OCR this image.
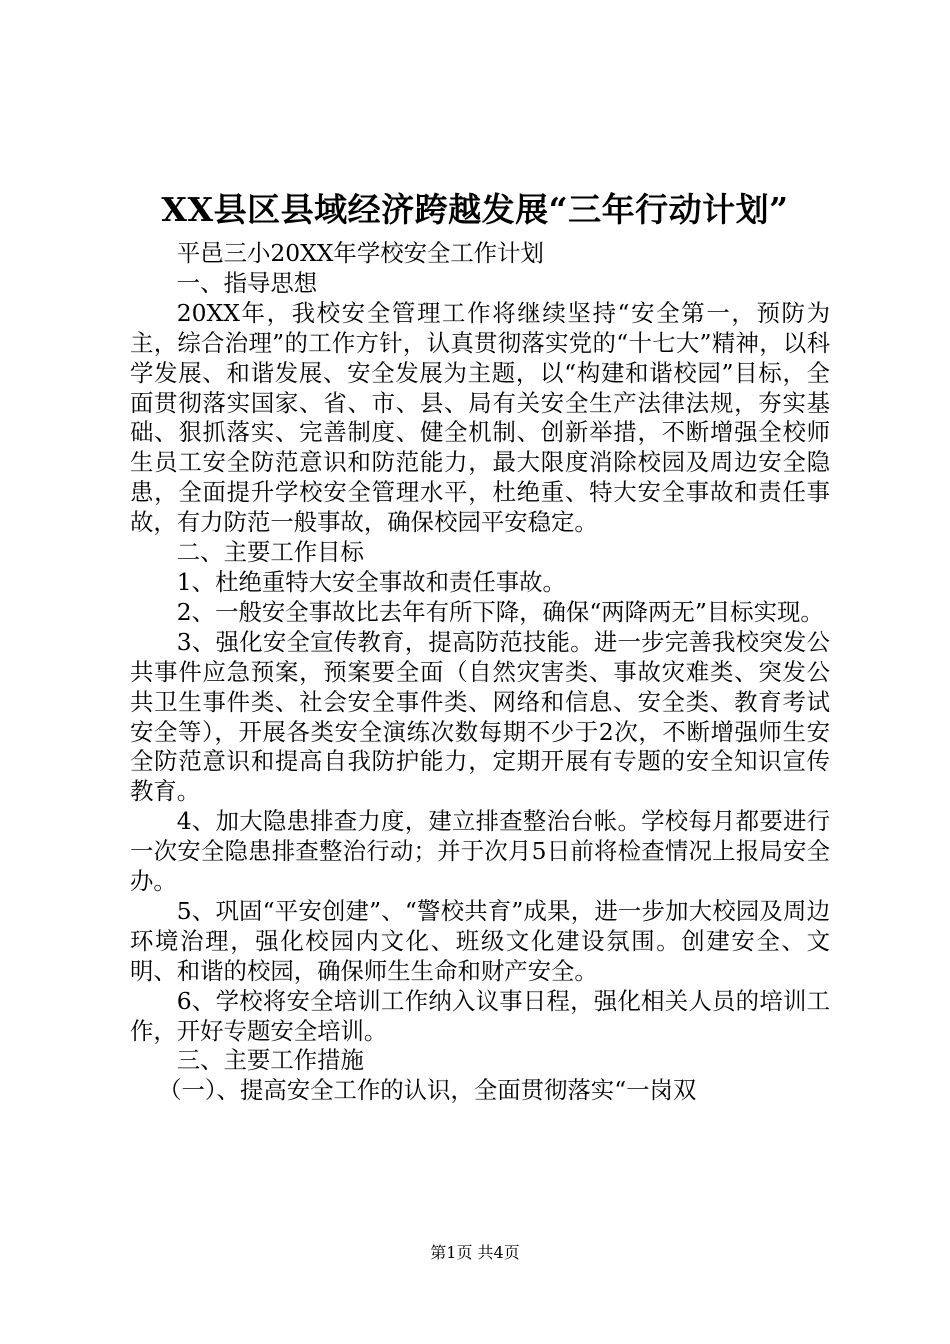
XX县区县域经济跨越发展“三年行动计划”

平邑三小20XX年学校安全工作计划

一、指导思想

20XX年，我校安全管理工作将继续坚持“安全第一，预防为主，综合治理”的工作方针，认真贯彻落实党的“十七大”精神，以科学发展、和谐发展、安全发展为主题，以“构建和谐校园”目标，全面贯彻落实国家、省、市、县、局有关安全生产法律法规，夯实基础、狠抓落实、完善制度、健全机制、创新举措，不断增强全校师生员工安全防范意识和防范能力，最大限度消除校园及周边安全隐患，全面提升学校安全管理水平，杜绝重、特大安全事故和责任事故，有力防范一般事故，确保校园平安稳定。

二、主要工作目标

1、杜绝重特大安全事故和责任事故。

2、一般安全事故比去年有所下降，确保“两降两无”目标实现。

3、强化安全宣传教育，提高防范技能。进一步完善我校突发公共事件应急预案，预案要全面（自然灾害类、事故灾难类、突发公共卫生事件类、社会安全事件类、网络和信息、安全类、教育考试安全等），开展各类安全演练次数每期不少于2次，不断增强师生安全防范意识和提高自我防护能力，定期开展有专题的安全知识宣传教育。

4、加大隐患排查力度，建立排查整治台帐。学校每月都要进行一次安全隐患排查整治行动；并于次月5日前将检查情况上报局安全办。

5、巩固“平安创建”、“警校共育”成果，进一步加大校园及周边环境治理，强化校园内文化、班级文化建设氛围。创建安全、文明、和谐的校园，确保师生生命和财产安全。

6、学校将安全培训工作纳入议事日程，强化相关人员的培训工作，开好专题安全培训。

三、主要工作措施

（一）、提高安全工作的认识，全面贯彻落实“一岗双

第1页 共4页
